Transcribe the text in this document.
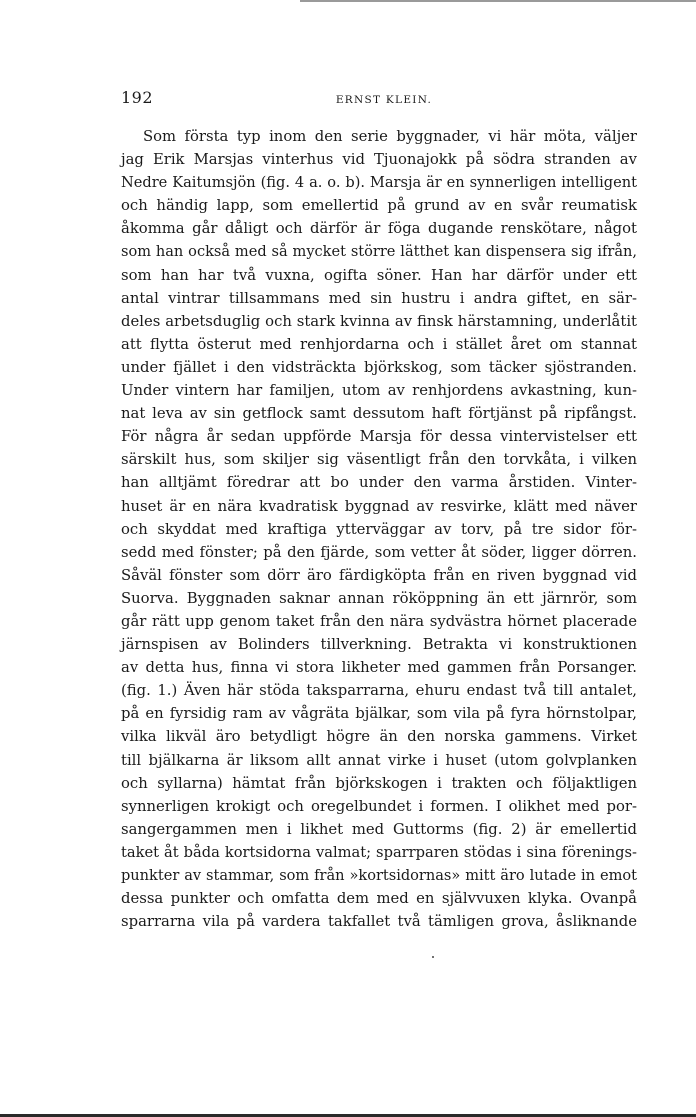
192	ERNST KLEIN.
Som första typ inom den serie byggnader, vi här möta, väljer
jag Erik Marsjas vinterhus vid Tjuonajokk på södra stranden av
Nedre Kaitumsjön (fig. 4 a. o. b). Marsja är en synnerligen intelligent
och händig lapp, som emellertid på grund av en svår reumatisk
åkomma går dåligt och därför är föga dugande renskötare, något
som han också med så mycket större lätthet kan dispensera sig ifrån,
som han har två vuxna, ogifta söner. Han har därför under ett
antal vintrar tillsammans med sin hustru i andra giftet, en sär-
deles arbetsduglig och stark kvinna av finsk härstamning, underlåtit
att flytta österut med renhjordarna och i stället året om stannat
under fjället i den vidsträckta björkskog, som täcker sjöstranden.
Under vintern har familjen, utom av renhjordens avkastning, kun-
nat leva av sin getflock samt dessutom haft förtjänst på ripfångst.
För några år sedan uppförde Marsja för dessa vintervistelser ett
särskilt hus, som skiljer sig väsentligt från den torvkåta, i vilken
han alltjämt föredrar att bo under den varma årstiden. Vinter-
huset är en nära kvadratisk byggnad av resvirke, klätt med näver
och skyddat med kraftiga ytterväggar av torv, på tre sidor för-
sedd med fönster; på den fjärde, som vetter åt söder, ligger dörren.
Såväl fönster som dörr äro färdigköpta från en riven byggnad vid
Suorva. Byggnaden saknar annan rököppning än ett järnrör, som
går rätt upp genom taket från den nära sydvästra hörnet placerade
järnspisen av Bolinders tillverkning. Betrakta vi konstruktionen
av detta hus, finna vi stora likheter med gammen från Porsanger.
(fig. 1.) Även här stöda taksparrarna, ehuru endast två till antalet,
på en fyrsidig ram av vågräta bjälkar, som vila på fyra hörnstolpar,
vilka likväl äro betydligt högre än den norska gammens. Virket
till bjälkarna är liksom allt annat virke i huset (utom golvplanken
och syllarna) hämtat från björkskogen i trakten och följaktligen
synnerligen krokigt och oregelbundet i formen. I olikhet med por-
sangergammen men i likhet med Guttorms (fig. 2) är emellertid
taket åt båda kortsidorna valmat; sparrparen stödas i sina förenings-
punkter av stammar, som från »kortsidornas» mitt äro lutade in emot
dessa punkter och omfatta dem med en självvuxen klyka. Ovanpå
sparrarna vila på vardera takfallet två tämligen grova, åsliknande
